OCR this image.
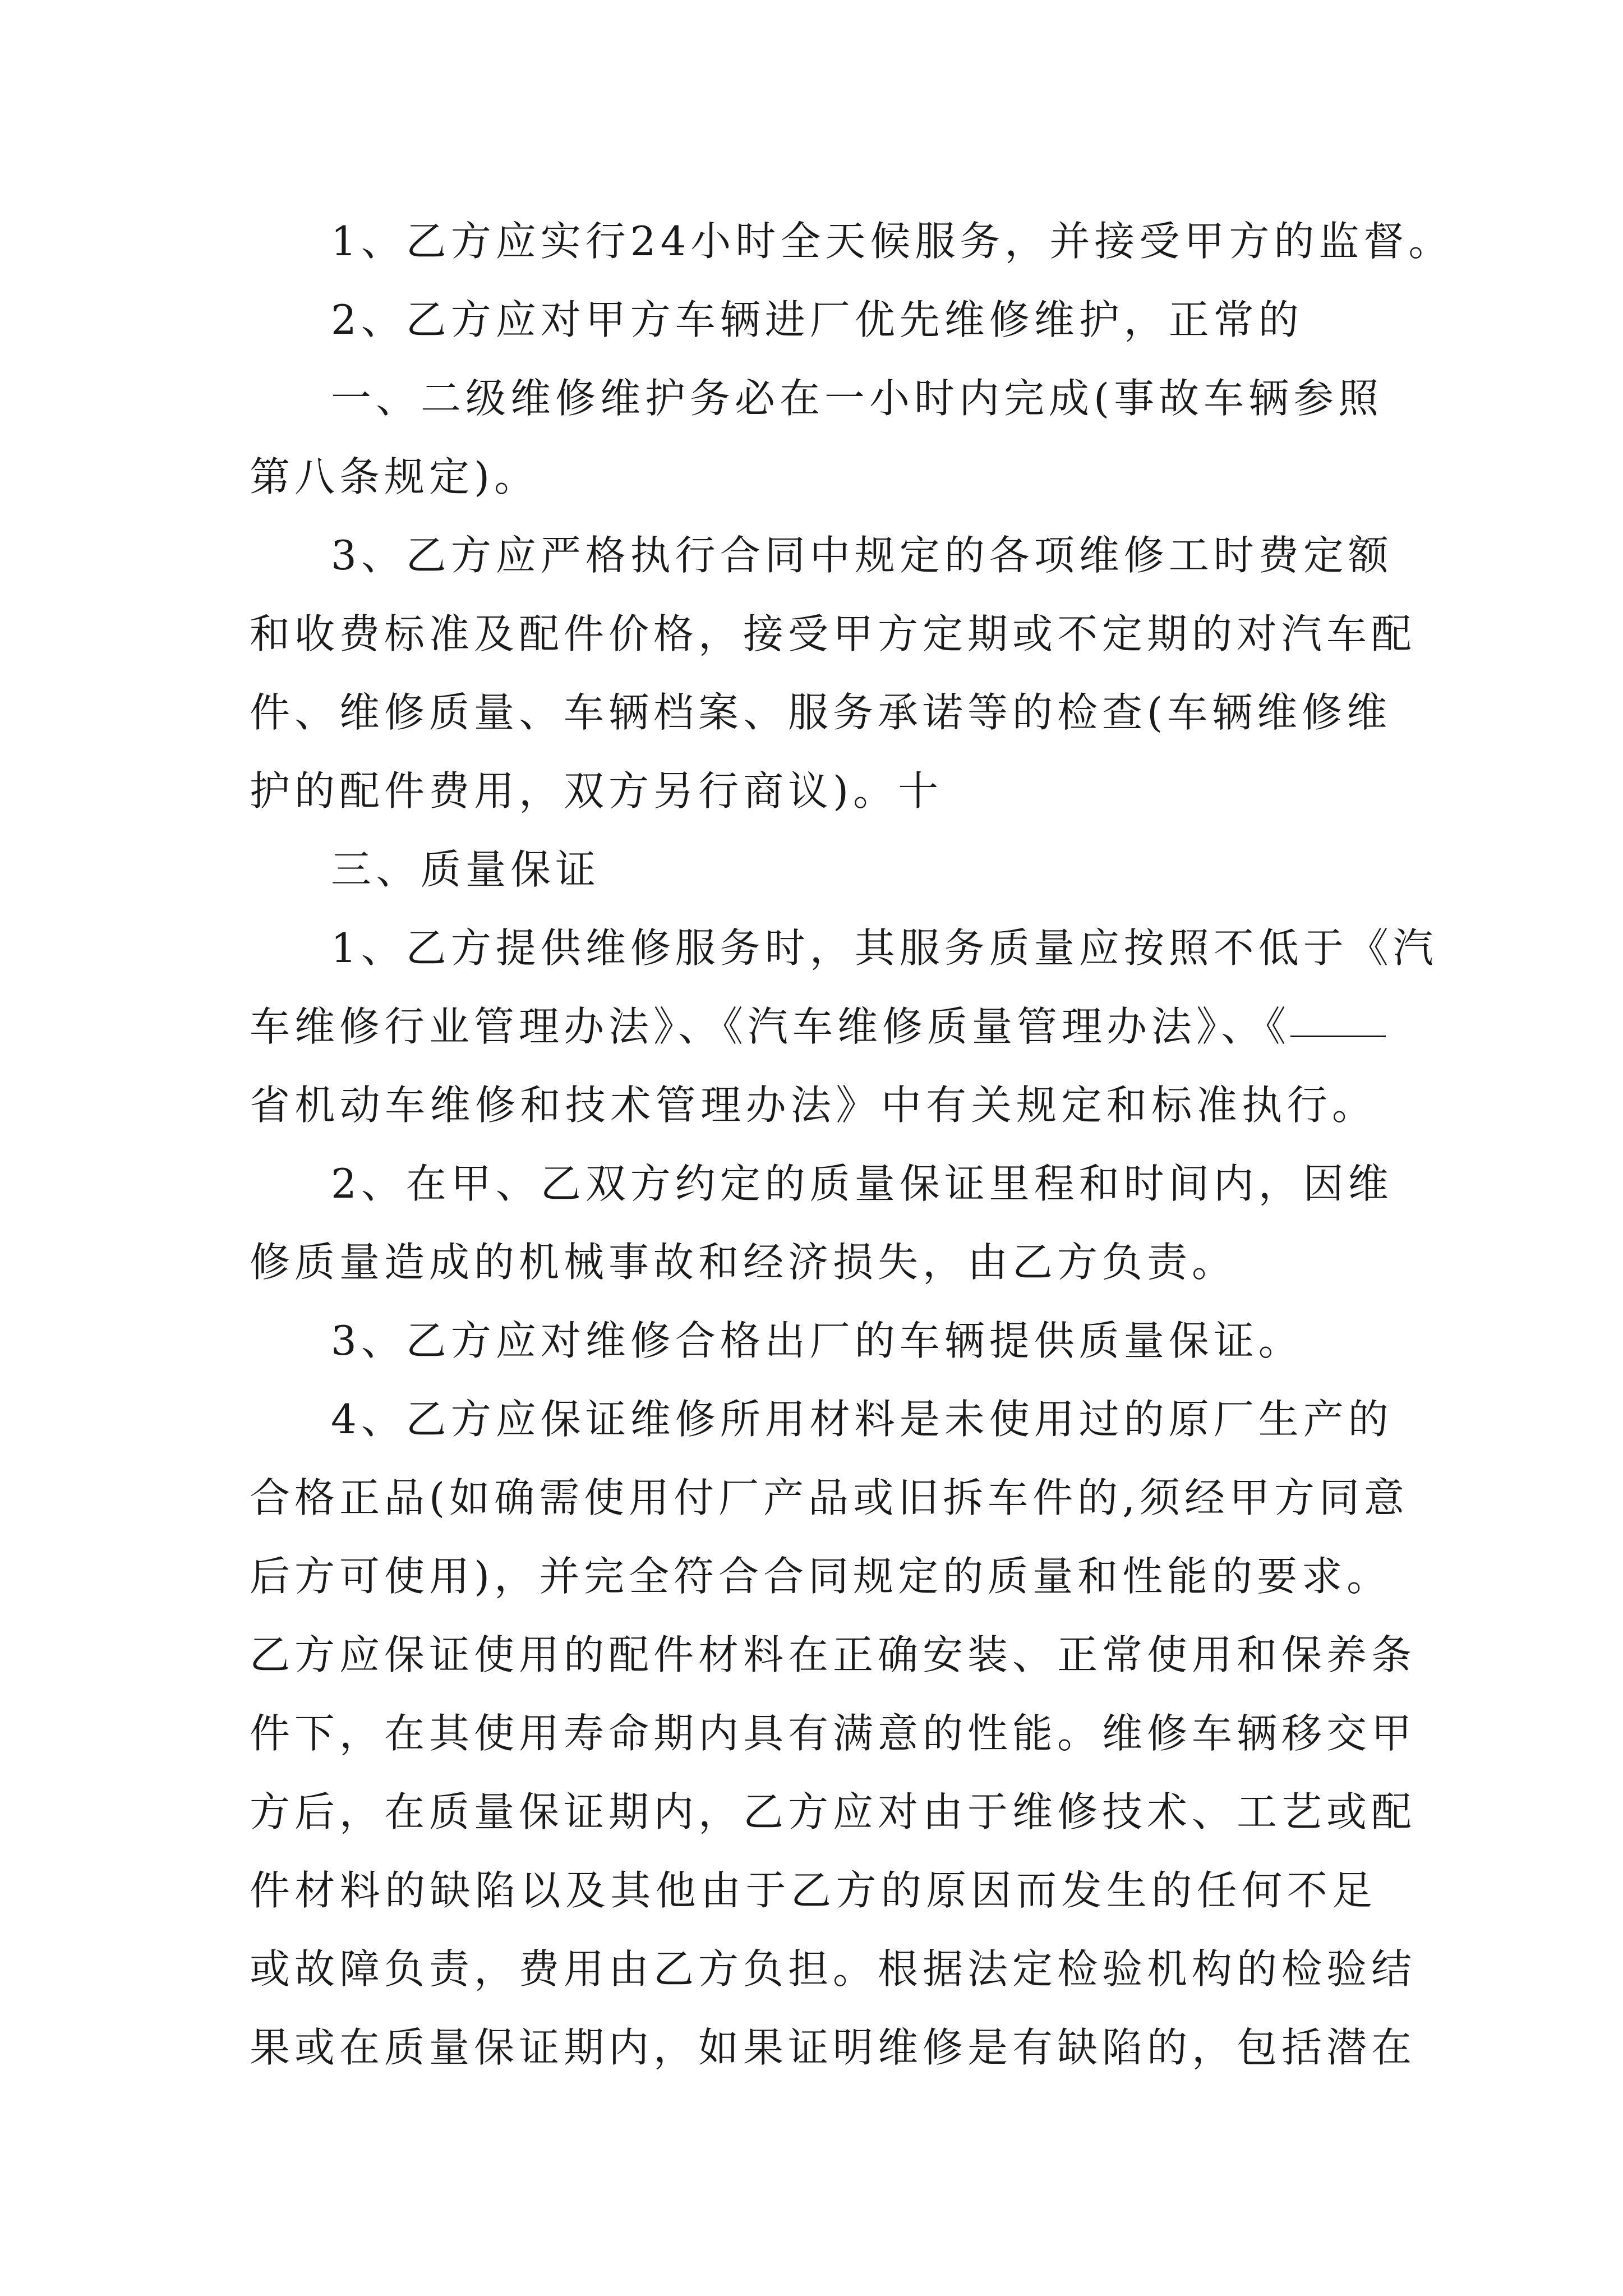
1、乙方应实行24小时全天候服务，并接受甲方的监督。
2、乙方应对甲方车辆进厂优先维修维护，正常的
一、二级维修维护务必在一小时内完成(事故车辆参照
第八条规定)。
3、乙方应严格执行合同中规定的各项维修工时费定额
和收费标准及配件价格，接受甲方定期或不定期的对汽车配
件、维修质量、车辆档案、服务承诺等的检查(车辆维修维
护的配件费用，双方另行商议)。十
三、质量保证
1、乙方提供维修服务时，其服务质量应按照不低于《汽
车维修行业管理办法》、《汽车维修质量管理办法》、《
省机动车维修和技术管理办法》中有关规定和标准执行。
2、在甲、乙双方约定的质量保证里程和时间内，因维
修质量造成的机械事故和经济损失，由乙方负责。
3、乙方应对维修合格出厂的车辆提供质量保证。
4、乙方应保证维修所用材料是未使用过的原厂生产的
合格正品(如确需使用付厂产品或旧拆车件的,须经甲方同意
后方可使用)，并完全符合合同规定的质量和性能的要求。
乙方应保证使用的配件材料在正确安装、正常使用和保养条
件下，在其使用寿命期内具有满意的性能。维修车辆移交甲
方后，在质量保证期内，乙方应对由于维修技术、工艺或配
件材料的缺陷以及其他由于乙方的原因而发生的任何不足
或故障负责，费用由乙方负担。根据法定检验机构的检验结
果或在质量保证期内，如果证明维修是有缺陷的，包括潜在
